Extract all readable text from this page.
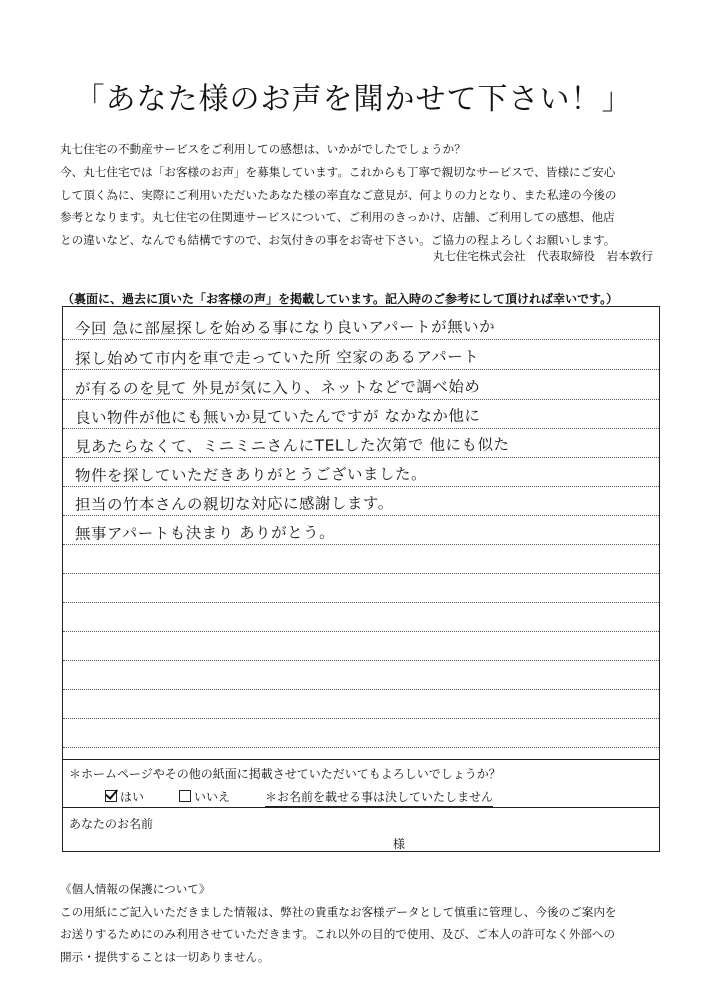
「あなた様のお声を聞かせて下さい！」

丸七住宅の不動産サービスをご利用しての感想は、いかがでしたでしょうか？

今、丸七住宅では「お客様のお声」を募集しています。これからも丁寧で親切なサービスで、皆様にご安心

して頂く為に、実際にご利用いただいたあなた様の率直なご意見が、何よりの力となり、また私達の今後の

参考となります。丸七住宅の住関連サービスについて、ご利用のきっかけ、店舗、ご利用しての感想、他店

との違いなど、なんでも結構ですので、お気付きの事をお寄せ下さい。ご協力の程よろしくお願いします。

丸七住宅株式会社　代表取締役　岩本敦行
（裏面に、過去に頂いた「お客様の声」を掲載しています。記入時のご参考にして頂ければ幸いです。）
今回 急に部屋探しを始める事になり良いアパートが無いか
探し始めて市内を車で走っていた所 空家のあるアパート
が有るのを見て 外見が気に入り、ネットなどで調べ始め
良い物件が他にも無いか見ていたんですが なかなか他に
見あたらなくて、ミニミニさんにTELした次第で 他にも似た
物件を探していただきありがとうございました。
担当の竹本さんの親切な対応に感謝します。
無事アパートも決まり ありがとう。
＊ホームページやその他の紙面に掲載させていただいてもよろしいでしょうか？
はい	いいえ	＊お名前を載せる事は決していたしません
あなたのお名前
様

《個人情報の保護について》

この用紙にご記入いただきました情報は、弊社の貴重なお客様データとして慎重に管理し、今後のご案内を

お送りするためにのみ利用させていただきます。これ以外の目的で使用、及び、ご本人の許可なく外部への

開示・提供することは一切ありません。
